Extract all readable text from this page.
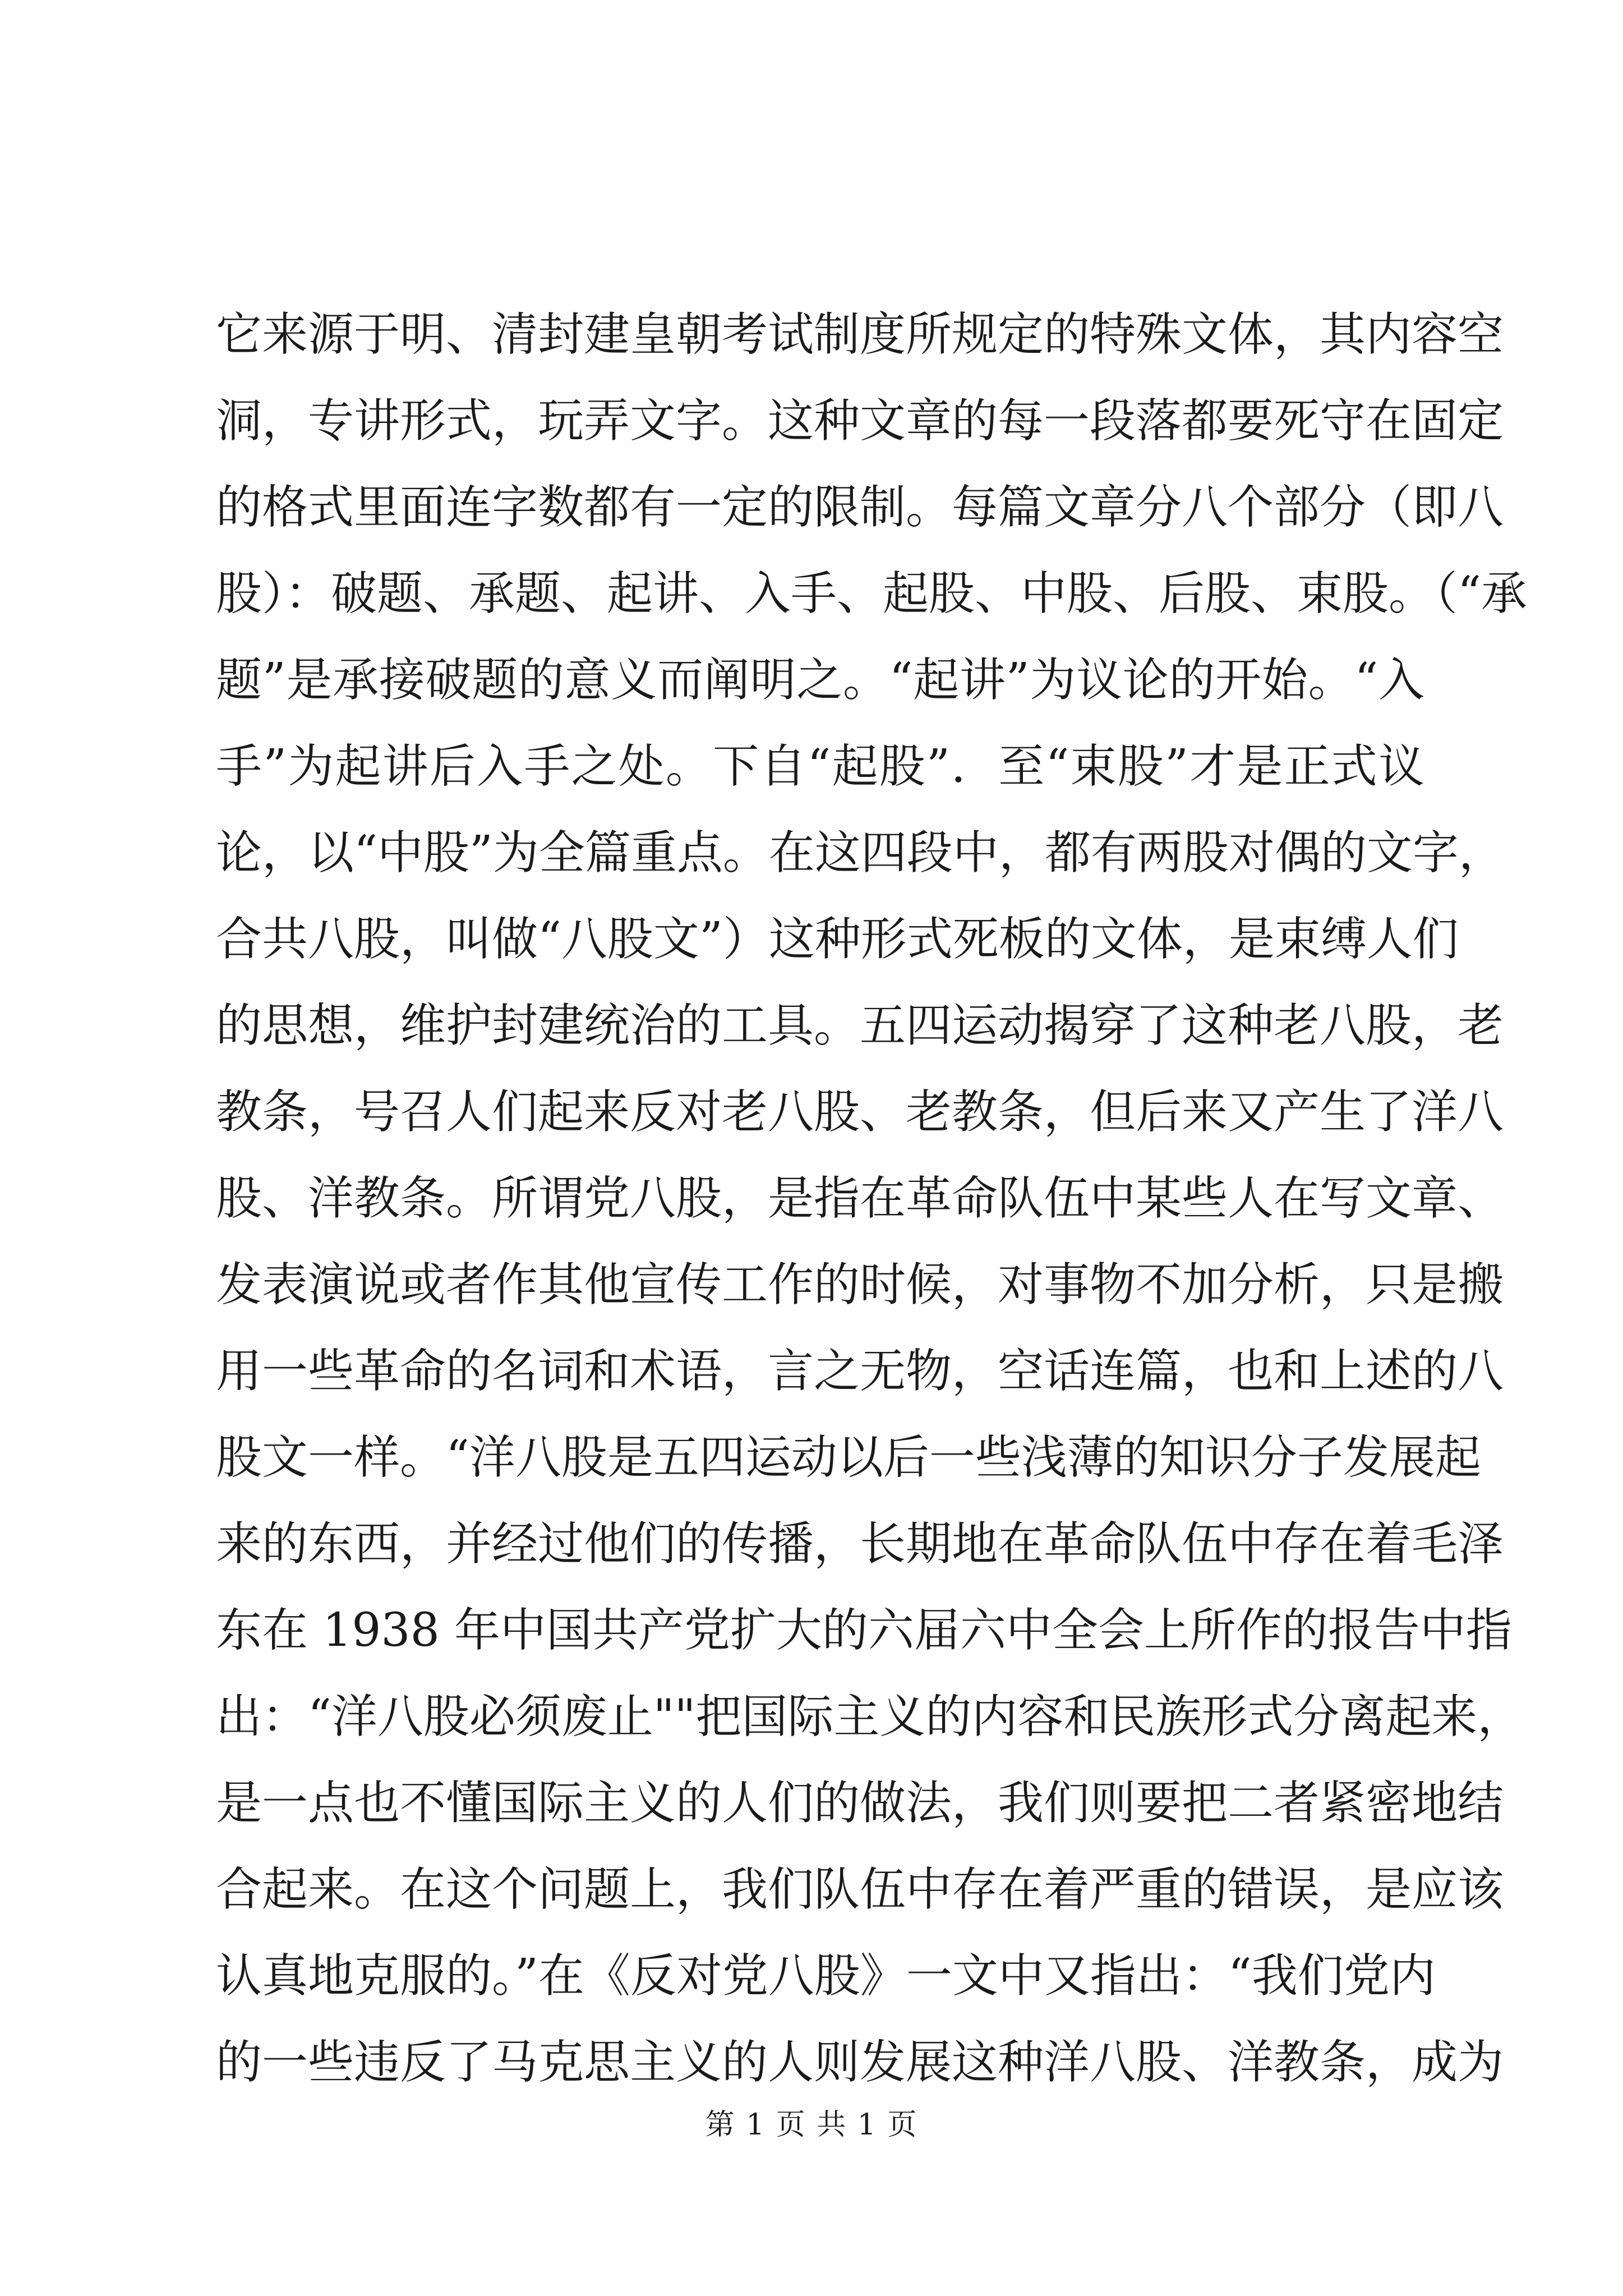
它来源于明、清封建皇朝考试制度所规定的特殊文体，其内容空
洞，专讲形式，玩弄文字。这种文章的每一段落都要死守在固定
的格式里面连字数都有一定的限制。每篇文章分八个部分（即八
股）：破题、承题、起讲、入手、起股、中股、后股、束股。（“承
题”是承接破题的意义而阐明之。“起讲”为议论的开始。“入
手”为起讲后入手之处。下自“起股”．至“束股”才是正式议
论，以“中股”为全篇重点。在这四段中，都有两股对偶的文字，
合共八股，叫做“八股文”）这种形式死板的文体，是束缚人们
的思想，维护封建统治的工具。五四运动揭穿了这种老八股，老
教条，号召人们起来反对老八股、老教条，但后来又产生了洋八
股、洋教条。所谓党八股，是指在革命队伍中某些人在写文章、
发表演说或者作其他宣传工作的时候，对事物不加分析，只是搬
用一些革命的名词和术语，言之无物，空话连篇，也和上述的八
股文一样。“洋八股是五四运动以后一些浅薄的知识分子发展起
来的东西，并经过他们的传播，长期地在革命队伍中存在着毛泽
东在 1938 年中国共产党扩大的六届六中全会上所作的报告中指
出：“洋八股必须废止""把国际主义的内容和民族形式分离起来，
是一点也不懂国际主义的人们的做法，我们则要把二者紧密地结
合起来。在这个问题上，我们队伍中存在着严重的错误，是应该
认真地克服的。”在《反对党八股》一文中又指出：“我们党内
的一些违反了马克思主义的人则发展这种洋八股、洋教条，成为
第 1 页 共 1 页
